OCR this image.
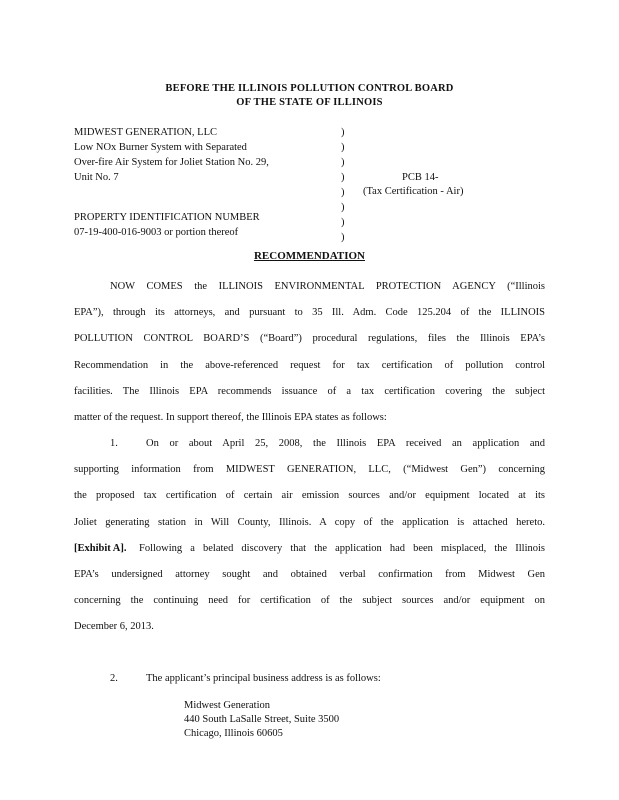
BEFORE THE ILLINOIS POLLUTION CONTROL BOARD
OF THE STATE OF ILLINOIS
MIDWEST GENERATION, LLC
Low NOx Burner System with Separated
Over-fire Air System for Joliet Station No. 29,
Unit No. 7
PROPERTY IDENTIFICATION NUMBER
07-19-400-016-9003 or portion thereof
)
)
)
)
)
)
)
)
PCB 14-
(Tax Certification - Air)
RECOMMENDATION
NOW COMES the ILLINOIS ENVIRONMENTAL PROTECTION AGENCY (“Illinois
EPA”), through its attorneys, and pursuant to 35 Ill. Adm. Code 125.204 of the ILLINOIS
POLLUTION CONTROL BOARD’S (“Board”) procedural regulations, files the Illinois EPA’s
Recommendation in the above-referenced request for tax certification of pollution control
facilities. The Illinois EPA recommends issuance of a tax certification covering the subject
matter of the request. In support thereof, the Illinois EPA states as follows:
1.	On or about April 25, 2008, the Illinois EPA received an application and
supporting information from MIDWEST GENERATION, LLC, (“Midwest Gen”) concerning
the proposed tax certification of certain air emission sources and/or equipment located at its
Joliet generating station in Will County, Illinois. A copy of the application is attached hereto.
[Exhibit A]. Following a belated discovery that the application had been misplaced, the Illinois
EPA’s undersigned attorney sought and obtained verbal confirmation from Midwest Gen
concerning the continuing need for certification of the subject sources and/or equipment on
December 6, 2013.
2.	The applicant’s principal business address is as follows:
Midwest Generation
440 South LaSalle Street, Suite 3500
Chicago, Illinois 60605
